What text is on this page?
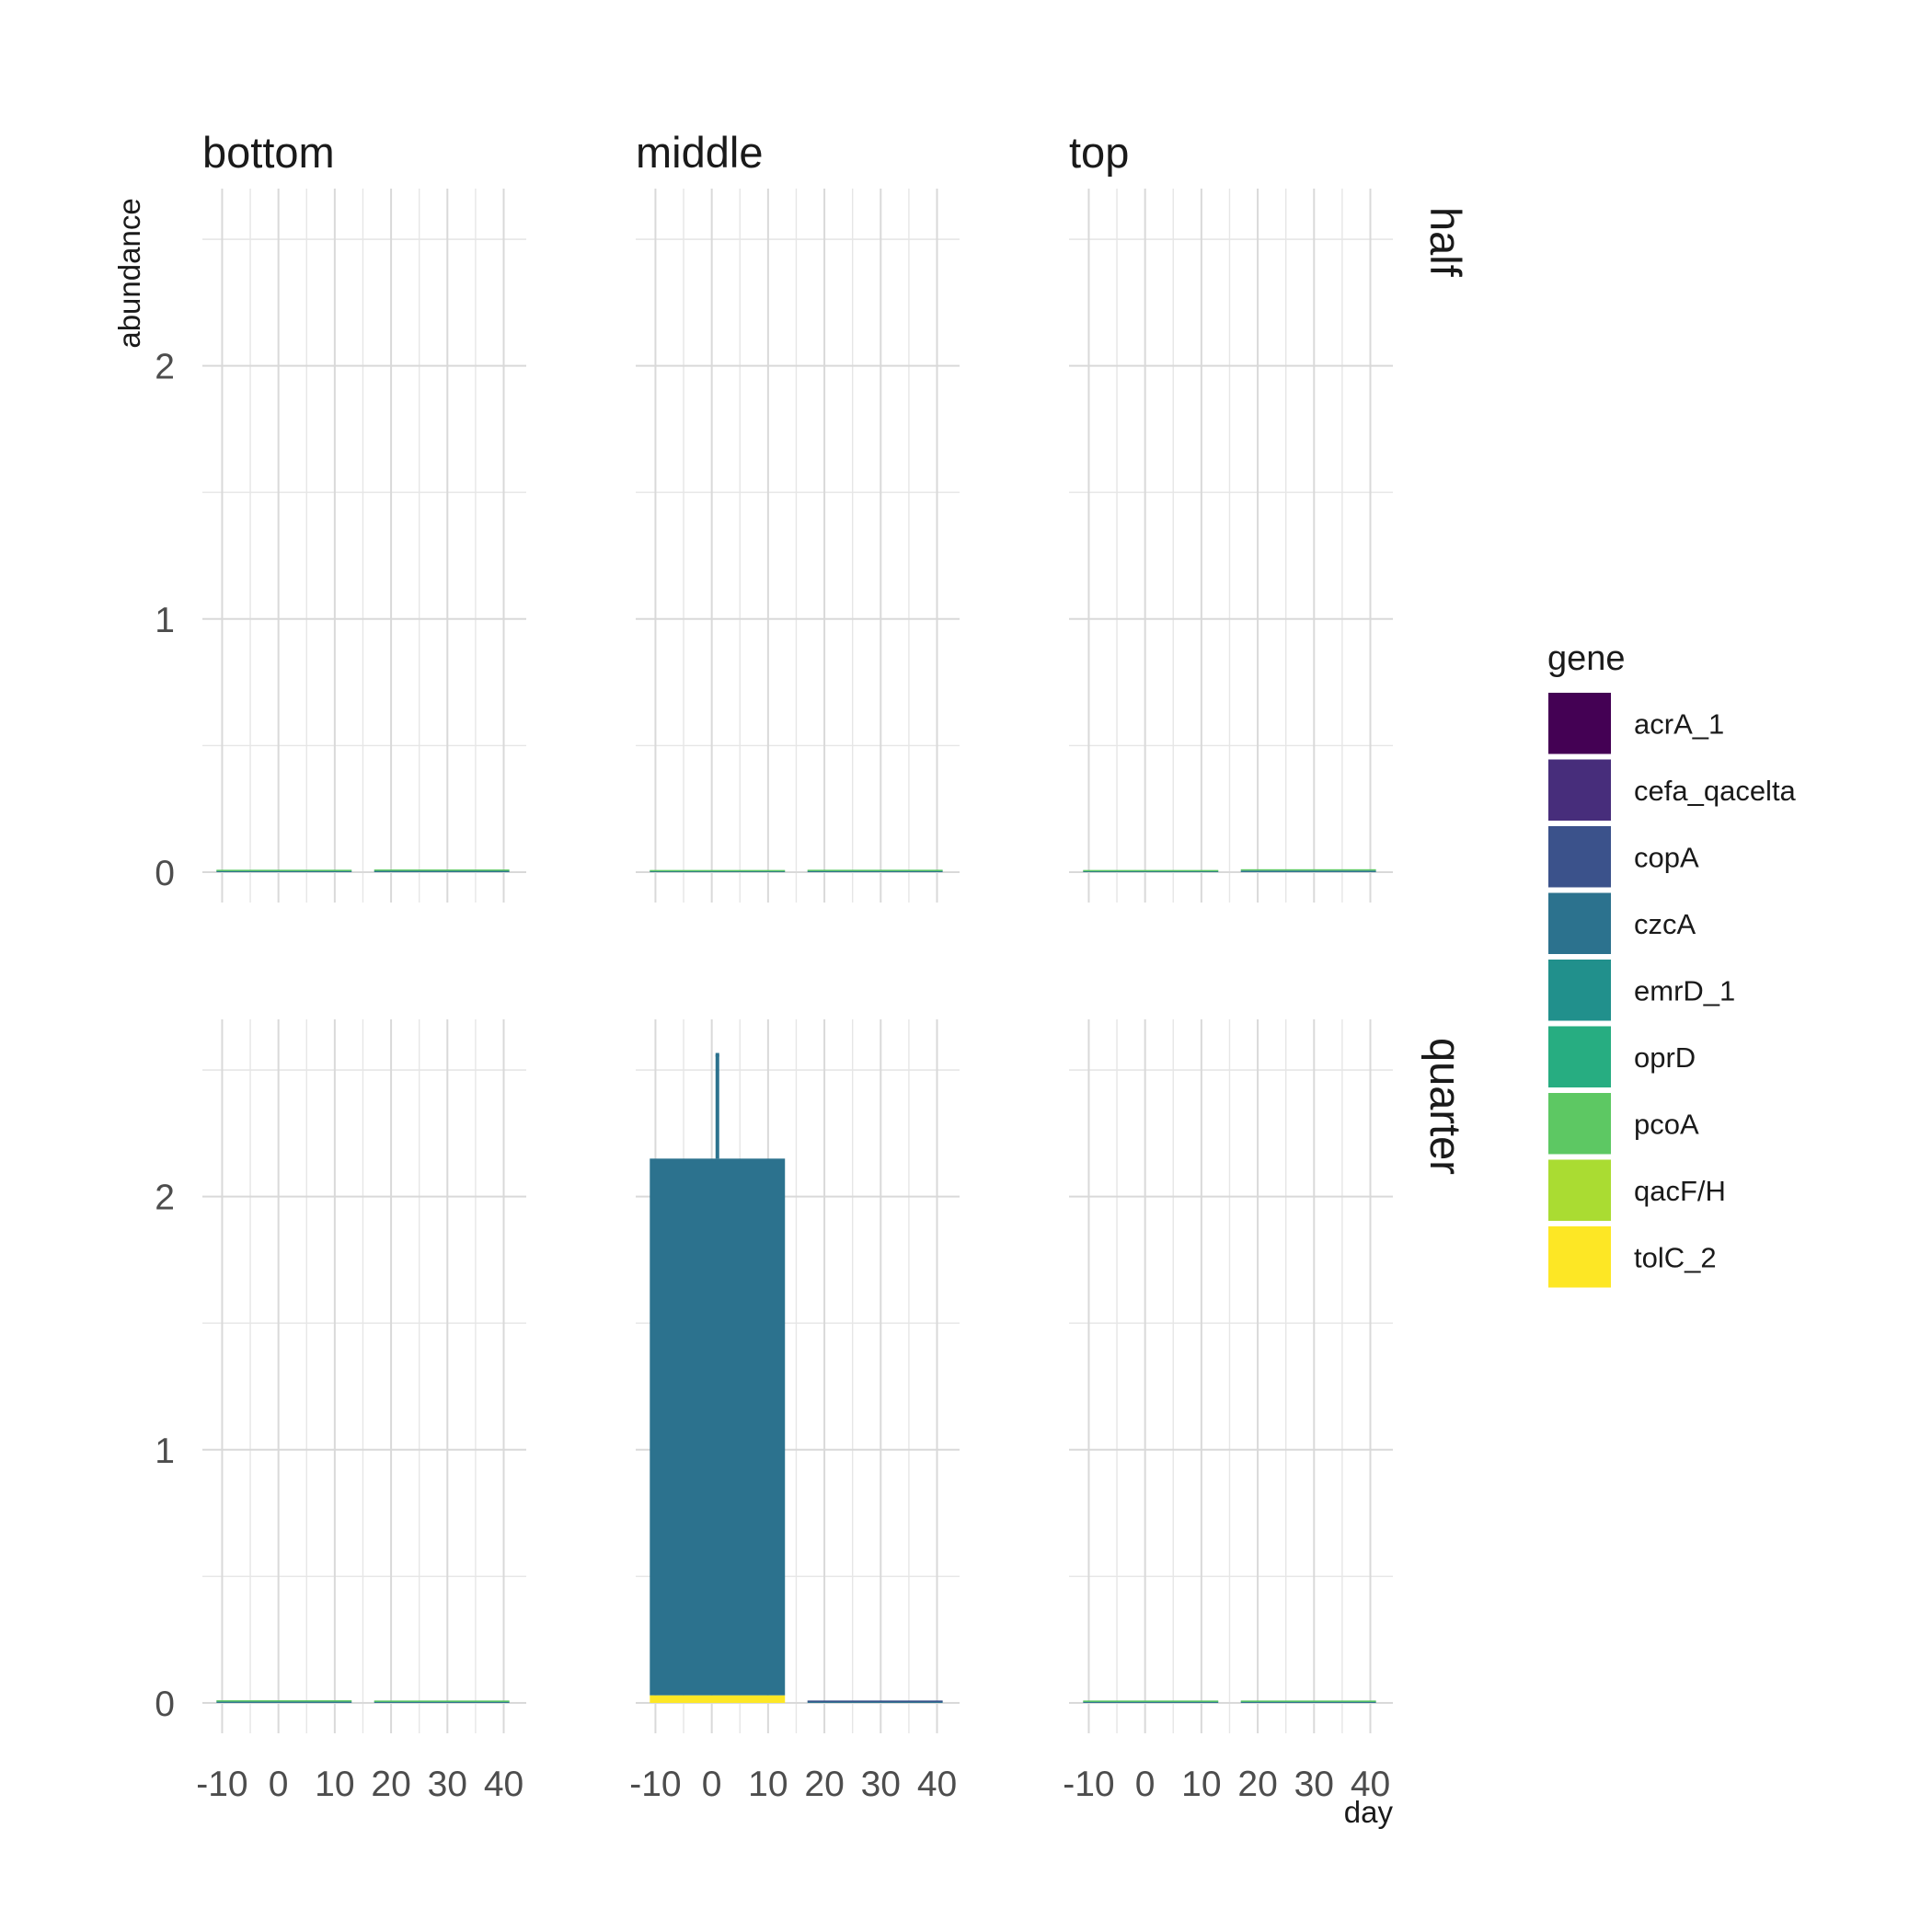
0
1
2
0
1
2
-10 0 10 20 30 40	-10 0 10 20 30 40	-10 0 10 20 30 40
bottom	middle	top
half
quarter
abundance
day
gene
acrA_1
cefa_qacelta
copA
czcA
emrD_1
oprD
pcoA
qacF/H
tolC_2
